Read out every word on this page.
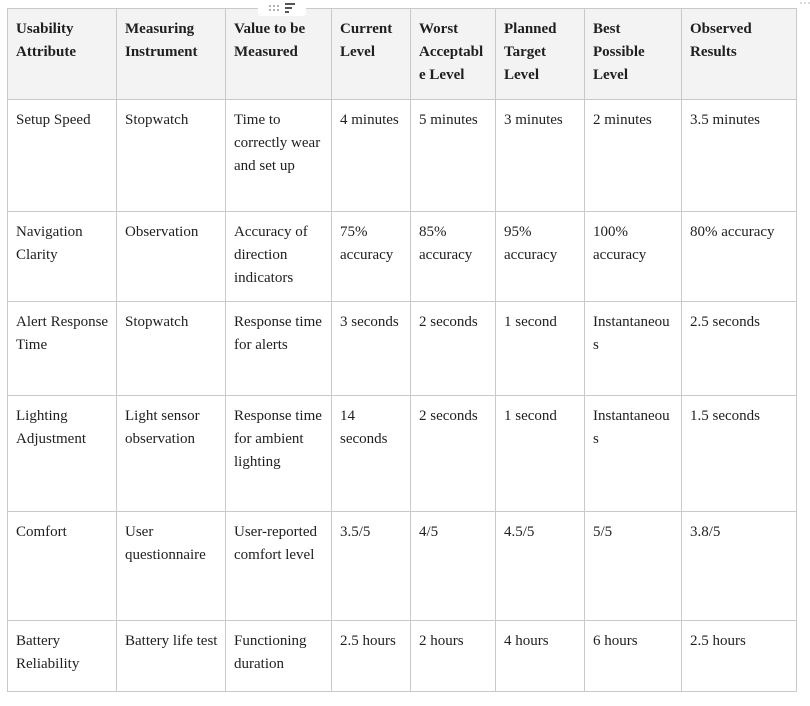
Usability Attribute	Measuring Instrument	Value to be Measured	Current Level	Worst Acceptable Level	Planned Target Level	Best Possible Level	Observed Results
Setup Speed	Stopwatch	Time to correctly wear and set up	4 minutes	5 minutes	3 minutes	2 minutes	3.5 minutes
Navigation Clarity	Observation	Accuracy of direction indicators	75% accuracy	85% accuracy	95% accuracy	100% accuracy	80% accuracy
Alert Response Time	Stopwatch	Response time for alerts	3 seconds	2 seconds	1 second	Instantaneous	2.5 seconds
Lighting Adjustment	Light sensor observation	Response time for ambient lighting	14 seconds	2 seconds	1 second	Instantaneous	1.5 seconds
Comfort	User questionnaire	User-reported comfort level	3.5/5	4/5	4.5/5	5/5	3.8/5
Battery Reliability	Battery life test	Functioning duration	2.5 hours	2 hours	4 hours	6 hours	2.5 hours
